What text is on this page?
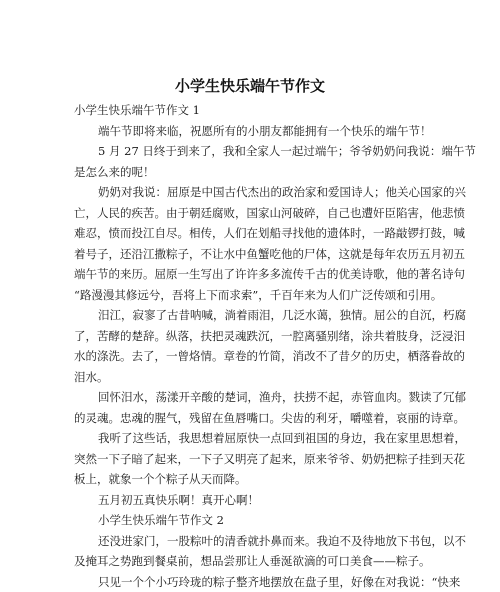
小学生快乐端午节作文
小学生快乐端午节作文 1
端午节即将来临，祝愿所有的小朋友都能拥有一个快乐的端午节！
5 月 27 日终于到来了，我和全家人一起过端午；爷爷奶奶问我说：端午节
是怎么来的呢！
奶奶对我说：屈原是中国古代杰出的政治家和爱国诗人；他关心国家的兴
亡，人民的疾苦。由于朝廷腐败，国家山河破碎，自己也遭奸臣陷害，他悲愤
难忍，愤而投江自尽。相传，人们在划船寻找他的遗体时，一路敲锣打鼓，喊
着号子，还沿江撒粽子，不让水中鱼蟹吃他的尸体，这就是每年农历五月初五
端午节的来历。屈原一生写出了许许多多流传千古的优美诗歌，他的著名诗句
“路漫漫其修远兮，吾将上下而求索”，千百年来为人们广泛传颂和引用。
汨江，寂寥了古昔呐喊，淌着雨泪，几泛水蔼，独情。屈公的自沉，朽腐
了，苦酵的楚辞。纵落，扶把灵魂跌沉，一腔离骚别绪，涂共着肢身，泛浸汨
水的涤洗。去了，一曾烙情。章卷的竹简，消改不了昔夕的历史，栖落眷故的
泪水。
回怀汨水，荡漾开辛酸的楚词，渔舟，扶捞不起，赤管血肉。戮读了冗郁
的灵魂。忠魂的腥气，残留在鱼唇嘴口。尖齿的利牙，嚼噬着，哀丽的诗章。
我听了这些话，我思想着屈原快一点回到祖国的身边，我在家里思想着，
突然一下子暗了起来，一下子又明亮了起来，原来爷爷、奶奶把粽子挂到天花
板上，就象一个个粽子从天而降。
五月初五真快乐啊！真开心啊！
小学生快乐端午节作文 2
还没进家门，一股粽叶的清香就扑鼻而来。我迫不及待地放下书包，以不
及掩耳之势跑到餐桌前，想品尝那让人垂涎欲滴的可口美食——粽子。
只见一个个小巧玲珑的粽子整齐地摆放在盘子里，好像在对我说：“快来
